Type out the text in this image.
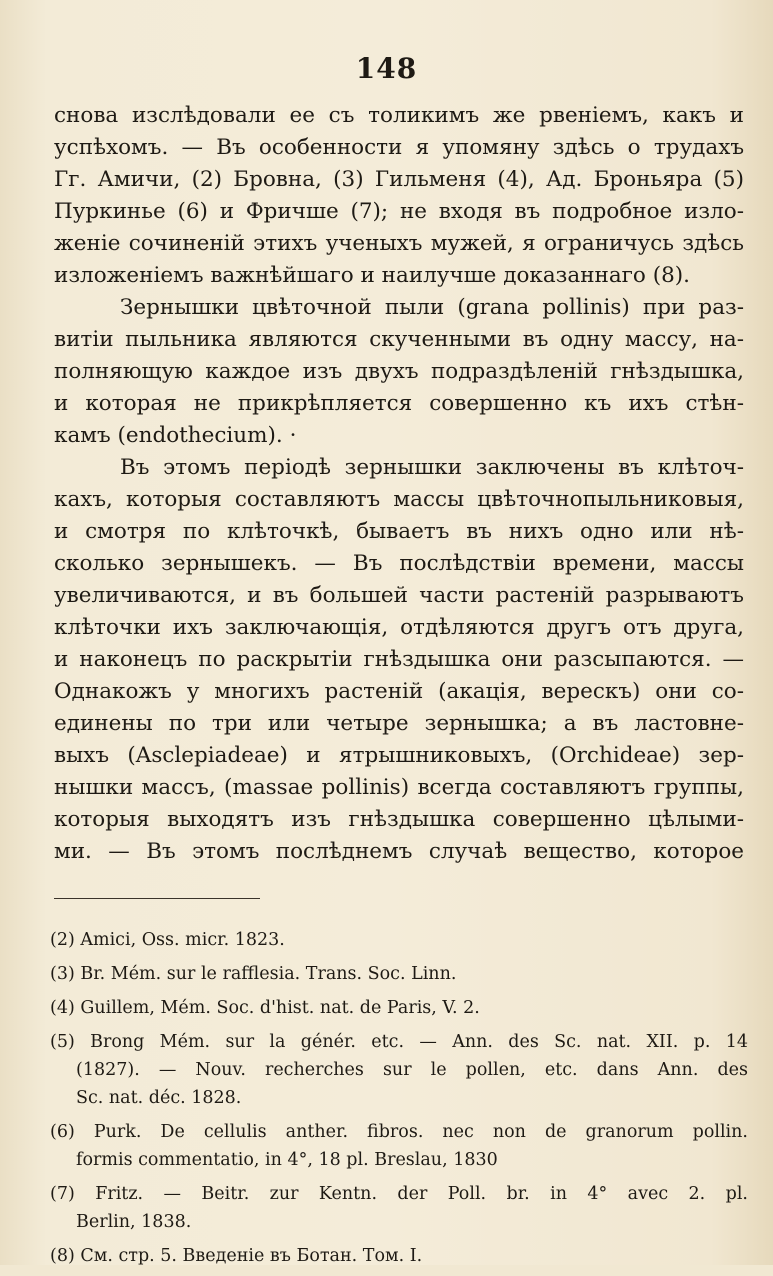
148
снова изслѣдовали ее съ толикимъ же рвеніемъ, какъ и
успѣхомъ. — Въ особенности я упомяну здѣсь о трудахъ
Гг. Амичи, (2) Бровна, (3) Гильменя (4), Ад. Броньяра (5)
Пуркинье (6) и Фричше (7); не входя въ подробное изло-
женіе сочиненій этихъ ученыхъ мужей, я ограничусь здѣсь
изложеніемъ важнѣйшаго и наилучше доказаннаго (8).
Зернышки цвѣточной пыли (grana pollinis) при раз-
витіи пыльника являются скученными въ одну массу, на-
полняющую каждое изъ двухъ подраздѣленій гнѣздышка,
и которая не прикрѣпляется совершенно къ ихъ стѣн-
камъ (endothecium). ·
Въ этомъ періодѣ зернышки заключены въ клѣточ-
кахъ, которыя составляютъ массы цвѣточнопыльниковыя,
и смотря по клѣточкѣ, бываетъ въ нихъ одно или нѣ-
сколько зернышекъ. — Въ послѣдствіи времени, массы
увеличиваются, и въ большей части растеній разрываютъ
клѣточки ихъ заключающія, отдѣляются другъ отъ друга,
и наконецъ по раскрытіи гнѣздышка они разсыпаются. —
Однакожъ у многихъ растеній (акація, верескъ) они со-
единены по три или четыре зернышка; а въ ластовне-
выхъ (Asclepiadeae) и ятрышниковыхъ, (Orchideae) зер-
нышки массъ, (massae pollinis) всегда составляютъ группы,
которыя выходятъ изъ гнѣздышка совершенно цѣлыми-
ми. — Въ этомъ послѣднемъ случаѣ вещество, которое
(2) Amici, Oss. micr. 1823.
(3) Br. Mém. sur le rafflesia. Trans. Soc. Linn.
(4) Guillem, Mém. Soc. d'hist. nat. de Paris, V. 2.
(5) Brong Mém. sur la génér. etc. — Ann. des Sc. nat. XII. p. 14
(1827). — Nouv. recherches sur le pollen, etc. dans Ann. des
Sc. nat. déc. 1828.
(6) Purk. De cellulis anther. fibros. nec non de granorum pollin.
formis commentatio, in 4°, 18 pl. Breslau, 1830
(7) Fritz. — Beitr. zur Kentn. der Poll. br. in 4° avec 2. pl.
Berlin, 1838.
(8) См. стр. 5. Введеніе въ Ботан. Том. I.
